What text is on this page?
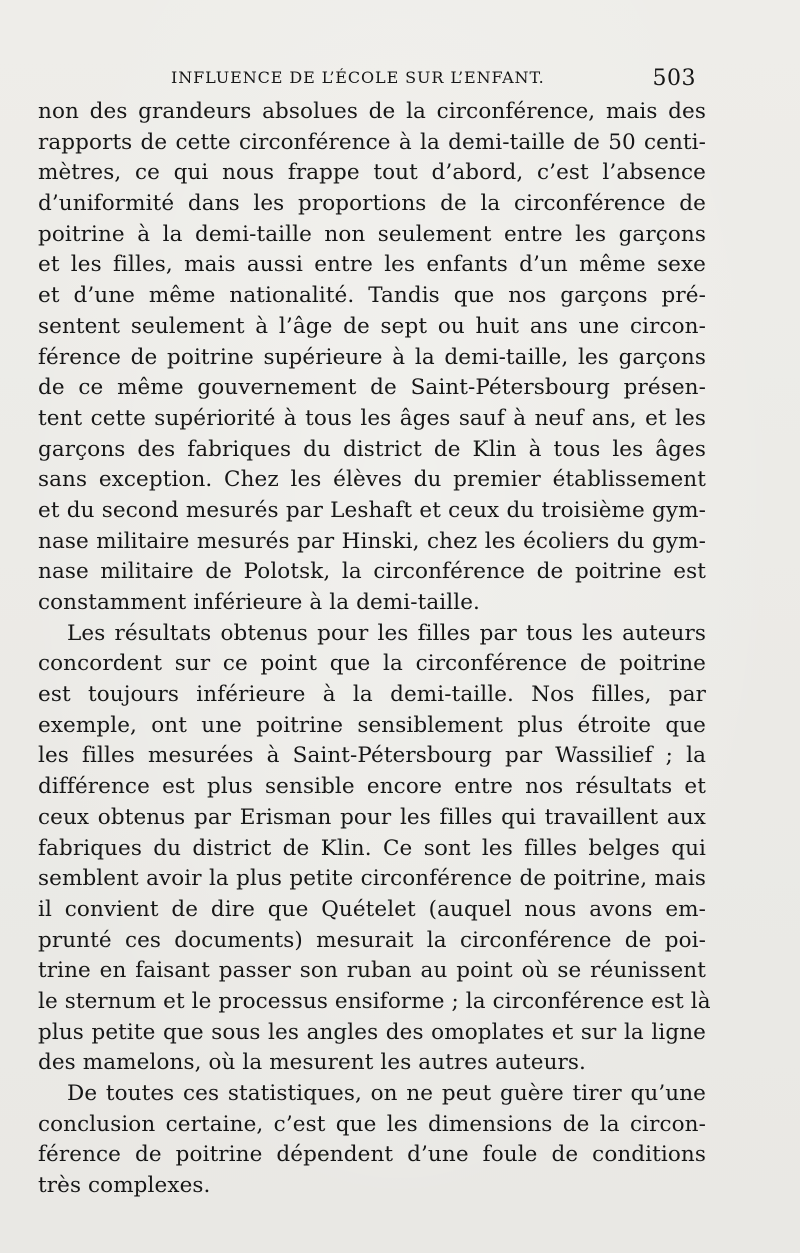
INFLUENCE DE L’ÉCOLE SUR L’ENFANT.	503
non des grandeurs absolues de la circonférence, mais des
rapports de cette circonférence à la demi-taille de 50 centi-
mètres, ce qui nous frappe tout d’abord, c’est l’absence
d’uniformité dans les proportions de la circonférence de
poitrine à la demi-taille non seulement entre les garçons
et les filles, mais aussi entre les enfants d’un même sexe
et d’une même nationalité. Tandis que nos garçons pré-
sentent seulement à l’âge de sept ou huit ans une circon-
férence de poitrine supérieure à la demi-taille, les garçons
de ce même gouvernement de Saint-Pétersbourg présen-
tent cette supériorité à tous les âges sauf à neuf ans, et les
garçons des fabriques du district de Klin à tous les âges
sans exception. Chez les élèves du premier établissement
et du second mesurés par Leshaft et ceux du troisième gym-
nase militaire mesurés par Hinski, chez les écoliers du gym-
nase militaire de Polotsk, la circonférence de poitrine est
constamment inférieure à la demi-taille.
Les résultats obtenus pour les filles par tous les auteurs
concordent sur ce point que la circonférence de poitrine
est toujours inférieure à la demi-taille. Nos filles, par
exemple, ont une poitrine sensiblement plus étroite que
les filles mesurées à Saint-Pétersbourg par Wassilief ; la
différence est plus sensible encore entre nos résultats et
ceux obtenus par Erisman pour les filles qui travaillent aux
fabriques du district de Klin. Ce sont les filles belges qui
semblent avoir la plus petite circonférence de poitrine, mais
il convient de dire que Quételet (auquel nous avons em-
prunté ces documents) mesurait la circonférence de poi-
trine en faisant passer son ruban au point où se réunissent
le sternum et le processus ensiforme ; la circonférence est là
plus petite que sous les angles des omoplates et sur la ligne
des mamelons, où la mesurent les autres auteurs.
De toutes ces statistiques, on ne peut guère tirer qu’une
conclusion certaine, c’est que les dimensions de la circon-
férence de poitrine dépendent d’une foule de conditions
très complexes.
